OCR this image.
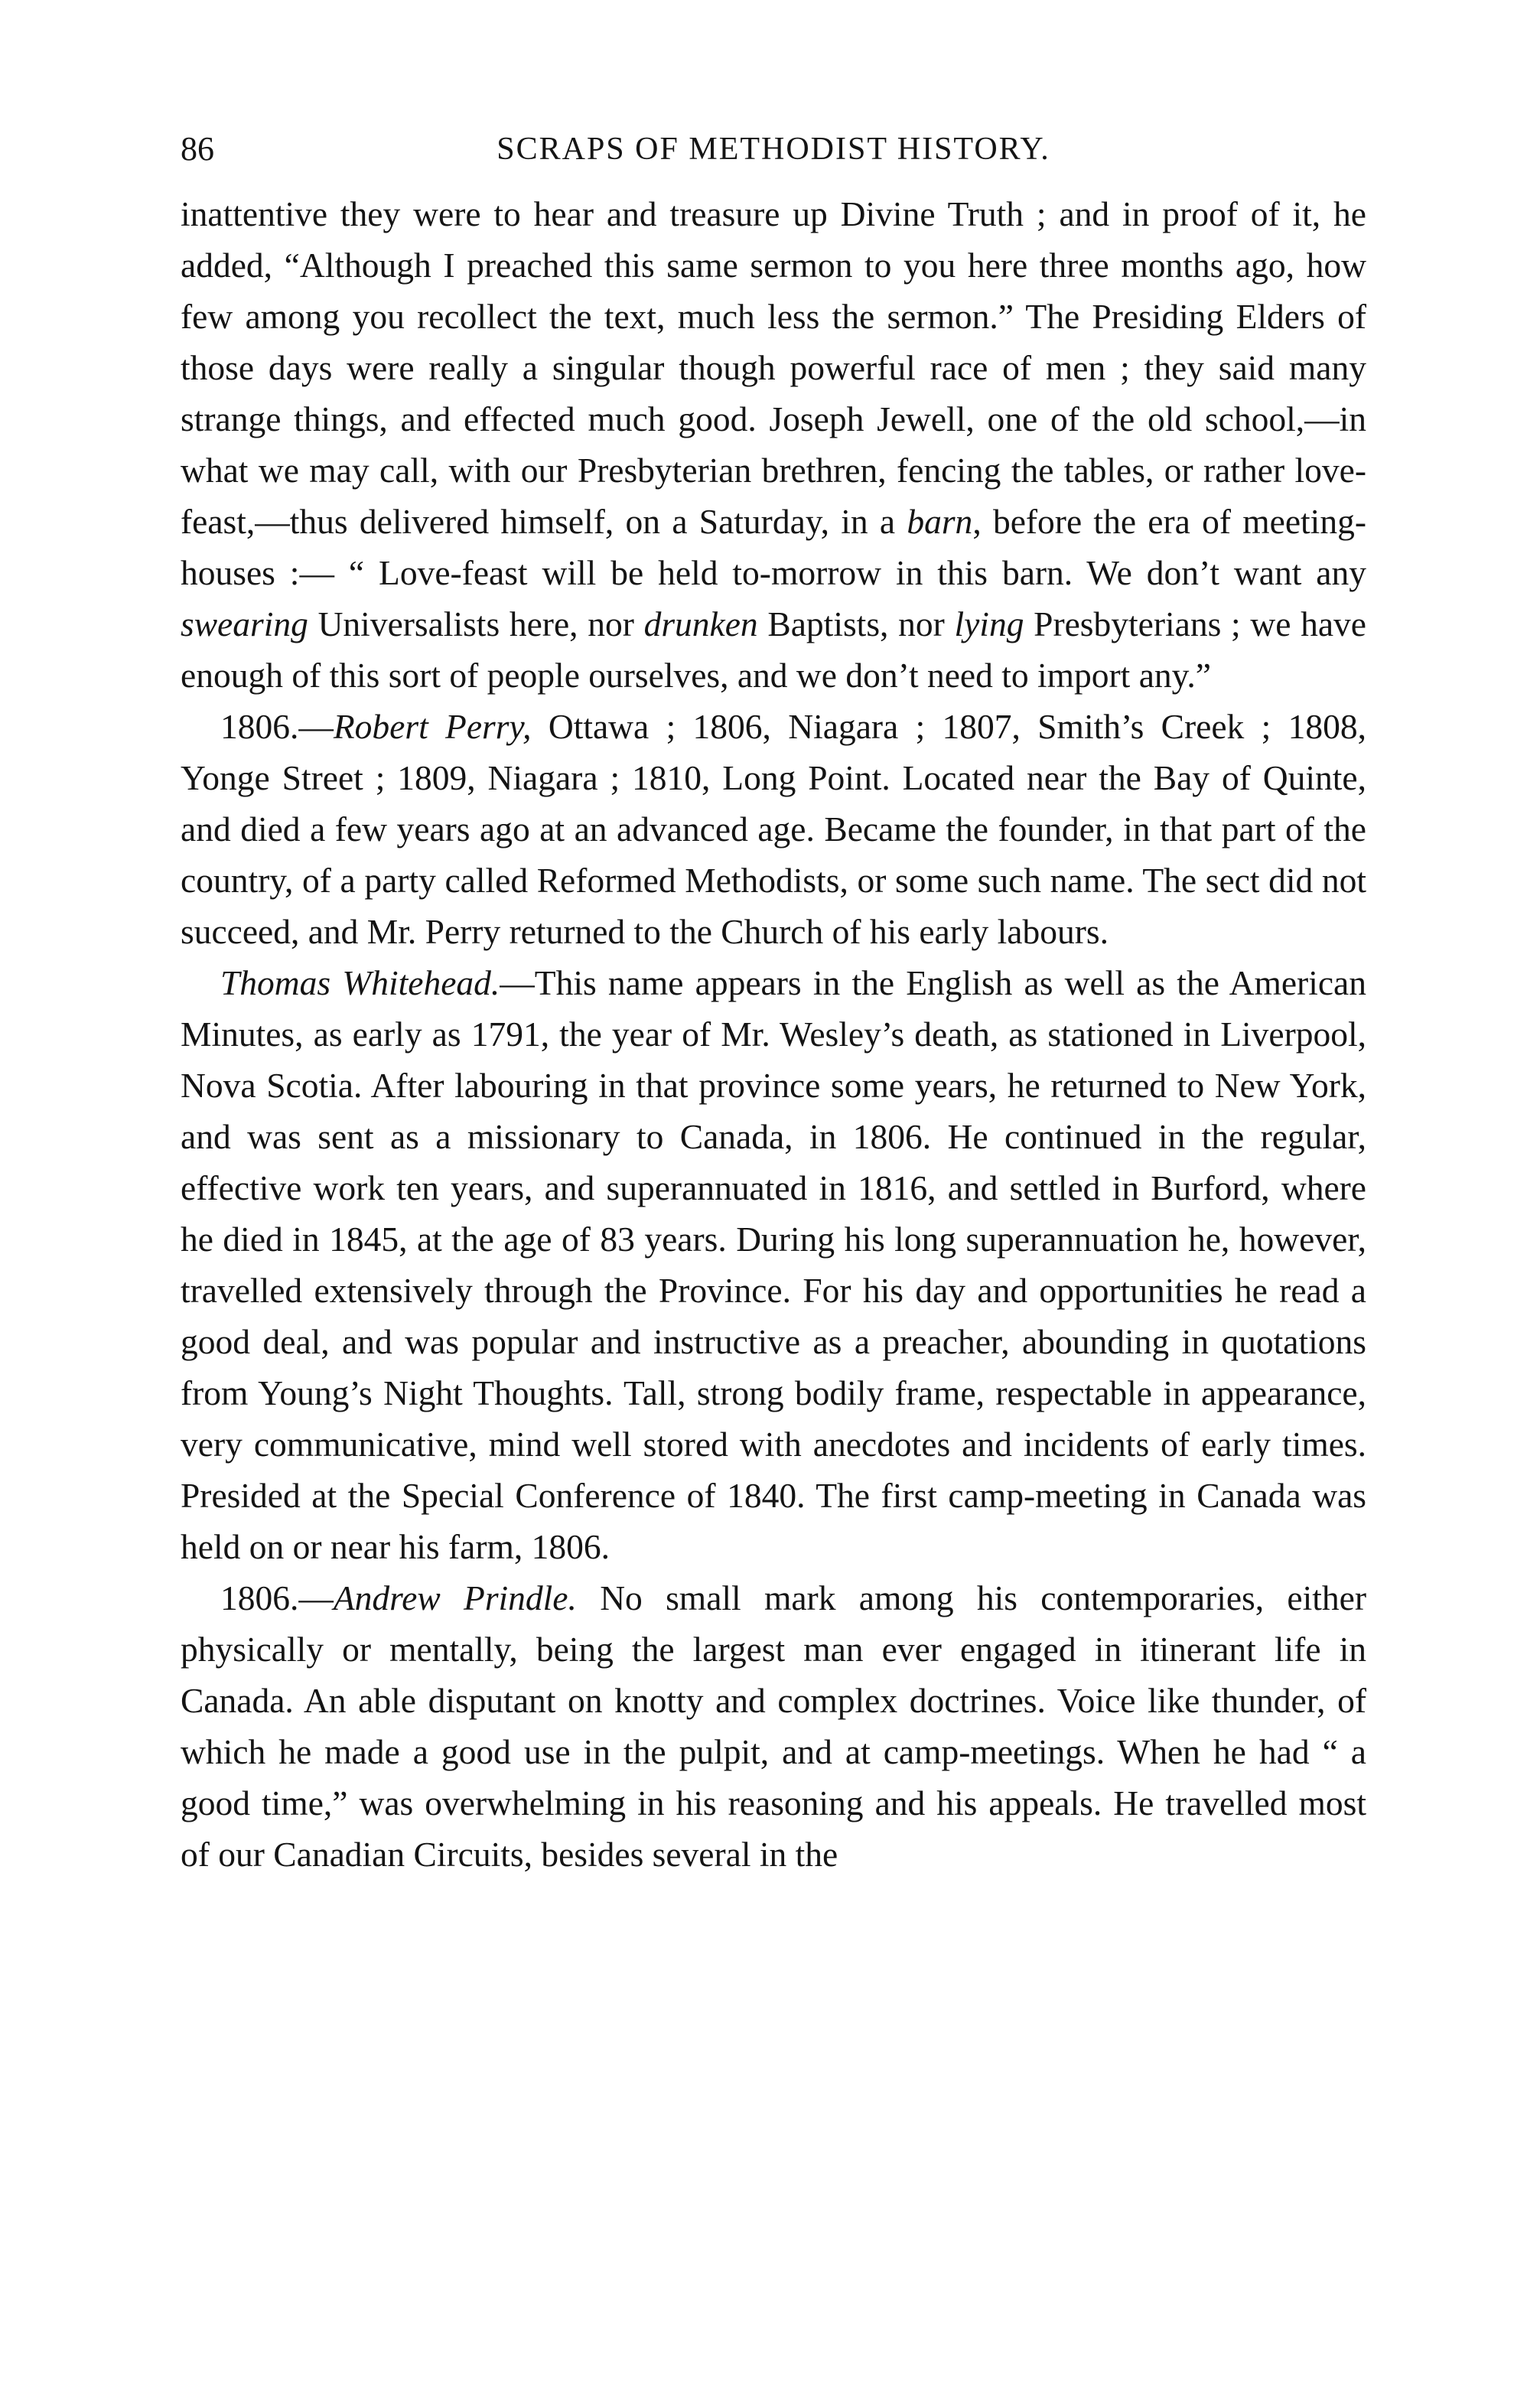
86	SCRAPS OF METHODIST HISTORY.

inattentive they were to hear and treasure up Divine Truth ; and in proof of it, he added, “Although I preached this same sermon to you here three months ago, how few among you recollect the text, much less the sermon.” The Presiding Elders of those days were really a singular though powerful race of men ; they said many strange things, and effected much good. Joseph Jewell, one of the old school,—in what we may call, with our Presbyterian brethren, fencing the tables, or rather love-feast,—thus delivered himself, on a Saturday, in a barn, before the era of meeting-houses :— “ Love-feast will be held to-morrow in this barn. We don’t want any swearing Universalists here, nor drunken Baptists, nor lying Presbyterians ; we have enough of this sort of people ourselves, and we don’t need to import any.”

1806.—Robert Perry, Ottawa ; 1806, Niagara ; 1807, Smith’s Creek ; 1808, Yonge Street ; 1809, Niagara ; 1810, Long Point. Located near the Bay of Quinte, and died a few years ago at an advanced age. Became the founder, in that part of the country, of a party called Reformed Methodists, or some such name. The sect did not succeed, and Mr. Perry returned to the Church of his early labours.

Thomas Whitehead.—This name appears in the English as well as the American Minutes, as early as 1791, the year of Mr. Wesley’s death, as stationed in Liverpool, Nova Scotia. After labouring in that province some years, he returned to New York, and was sent as a missionary to Canada, in 1806. He continued in the regular, effective work ten years, and superannuated in 1816, and settled in Burford, where he died in 1845, at the age of 83 years. During his long superannuation he, however, travelled extensively through the Province. For his day and opportunities he read a good deal, and was popular and instructive as a preacher, abounding in quotations from Young’s Night Thoughts. Tall, strong bodily frame, respectable in appearance, very communicative, mind well stored with anecdotes and incidents of early times. Presided at the Special Conference of 1840. The first camp-meeting in Canada was held on or near his farm, 1806.

1806.—Andrew Prindle. No small mark among his contemporaries, either physically or mentally, being the largest man ever engaged in itinerant life in Canada. An able disputant on knotty and complex doctrines. Voice like thunder, of which he made a good use in the pulpit, and at camp-meetings. When he had “ a good time,” was overwhelming in his reasoning and his appeals. He travelled most of our Canadian Circuits, besides several in the
